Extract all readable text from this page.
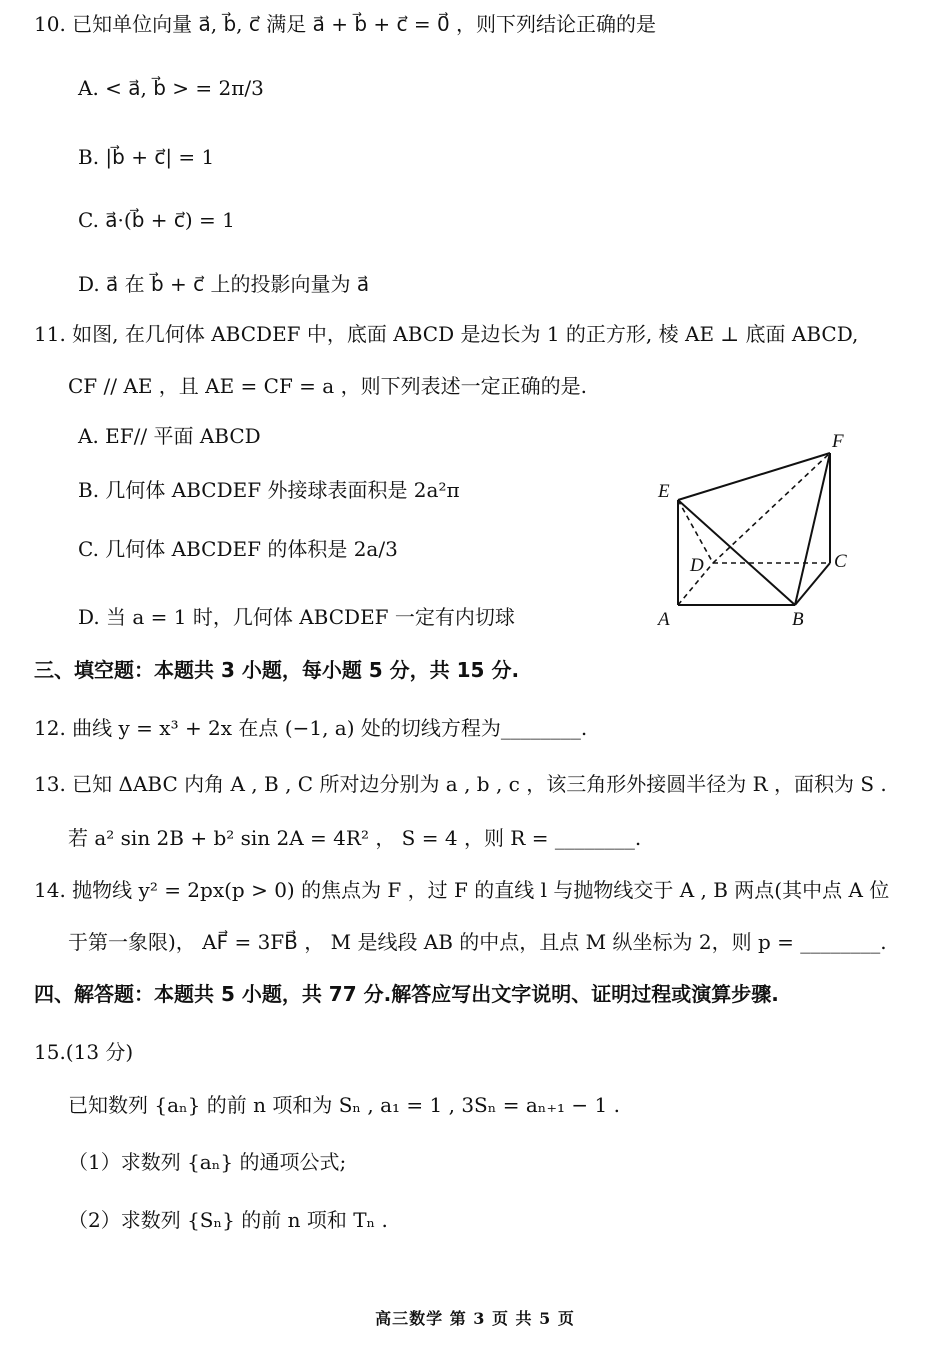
10. 已知单位向量 a⃗, b⃗, c⃗ 满足 a⃗ + b⃗ + c⃗ = 0⃗ ，则下列结论正确的是
A. < a⃗, b⃗ > = 2π/3
B. |b⃗ + c⃗| = 1
C. a⃗·(b⃗ + c⃗) = 1
D. a⃗ 在 b⃗ + c⃗ 上的投影向量为 a⃗
11. 如图, 在几何体 ABCDEF 中，底面 ABCD 是边长为 1 的正方形, 棱 AE ⊥ 底面 ABCD,
CF // AE ，且 AE = CF = a ，则下列表述一定正确的是.
A. EF// 平面 ABCD
B. 几何体 ABCDEF 外接球表面积是 2a²π
C. 几何体 ABCDEF 的体积是 2a/3
D. 当 a = 1 时，几何体 ABCDEF 一定有内切球	A	B
C
D
E
F
三、填空题：本题共 3 小题，每小题 5 分，共 15 分.
12. 曲线 y = x³ + 2x 在点 (−1, a) 处的切线方程为________.
13. 已知 ΔABC 内角 A , B , C 所对边分别为 a , b , c ，该三角形外接圆半径为 R ，面积为 S .
若 a² sin 2B + b² sin 2A = 4R² ， S = 4 ，则 R = ________.
14. 抛物线 y² = 2px(p > 0) 的焦点为 F ，过 F 的直线 l 与抛物线交于 A , B 两点(其中点 A 位
于第一象限)， AF⃗ = 3FB⃗ ， M 是线段 AB 的中点，且点 M 纵坐标为 2，则 p = ________.
四、解答题：本题共 5 小题，共 77 分.解答应写出文字说明、证明过程或演算步骤.
15.(13 分)
已知数列 {aₙ} 的前 n 项和为 Sₙ , a₁ = 1 , 3Sₙ = aₙ₊₁ − 1 .
（1）求数列 {aₙ} 的通项公式;
（2）求数列 {Sₙ} 的前 n 项和 Tₙ .
高三数学 第 3 页 共 5 页
